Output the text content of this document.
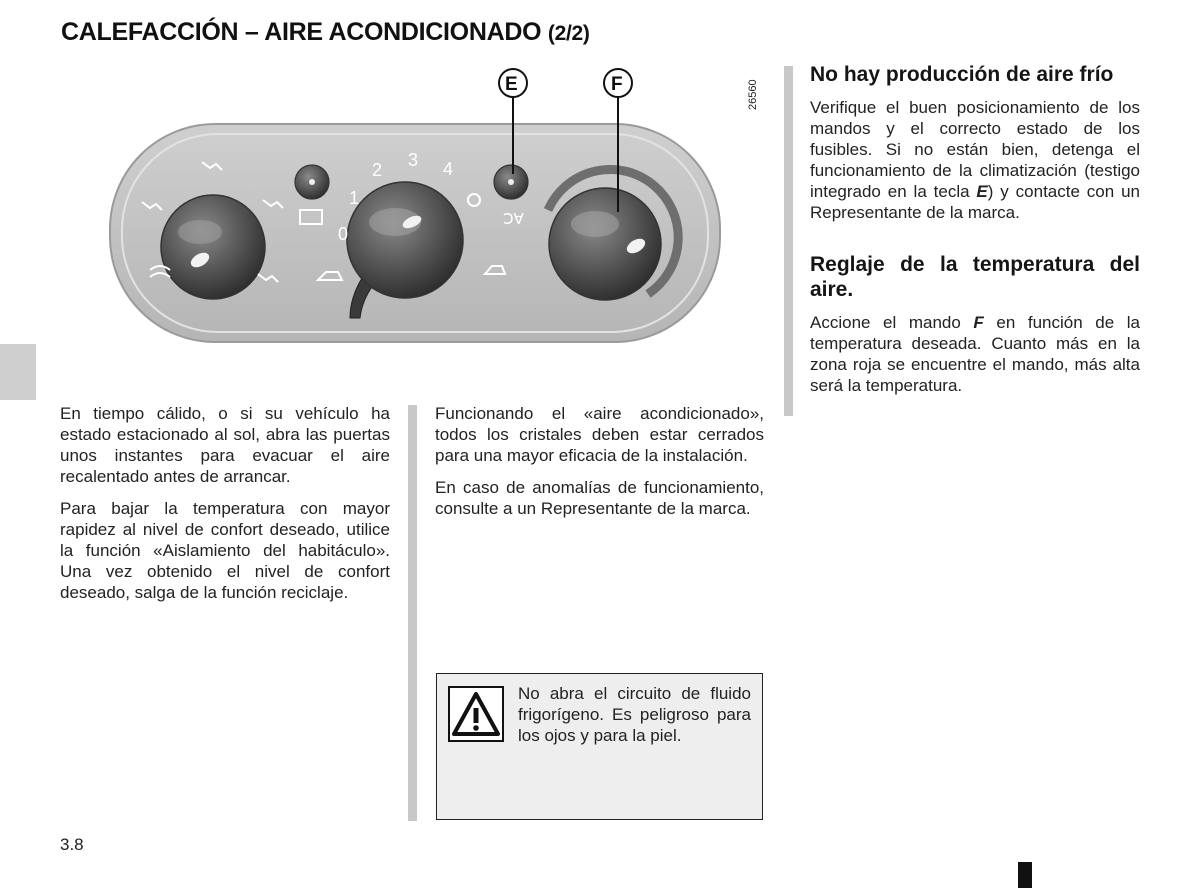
CALEFACCIÓN – AIRE ACONDICIONADO (2/2)
0
1
2 3 4
ꓛ∀
E	F	26560

En tiempo cálido, o si su vehículo ha estado estacionado al sol, abra las puertas unos instantes para evacuar el aire recalentado antes de arrancar.

Para bajar la temperatura con mayor rapidez al nivel de confort deseado, utilice la función «Aislamiento del habitáculo». Una vez obtenido el nivel de confort deseado, salga de la función reciclaje.

Funcionando el «aire acondicionado», todos los cristales deben estar cerrados para una mayor eficacia de la instalación.

En caso de anomalías de funcionamiento, consulte a un Representante de la marca.

No abra el circuito de fluido frigorígeno. Es peligroso para los ojos y para la piel.
No hay producción de aire frío

Verifique el buen posicionamiento de los mandos y el correcto estado de los fusibles. Si no están bien, detenga el funcionamiento de la climatización (testigo integrado en la tecla E) y contacte con un Representante de la marca.

Reglaje de la temperatura del aire.

Accione el mando F en función de la temperatura deseada. Cuanto más en la zona roja se encuentre el mando, más alta será la temperatura.

3.8
